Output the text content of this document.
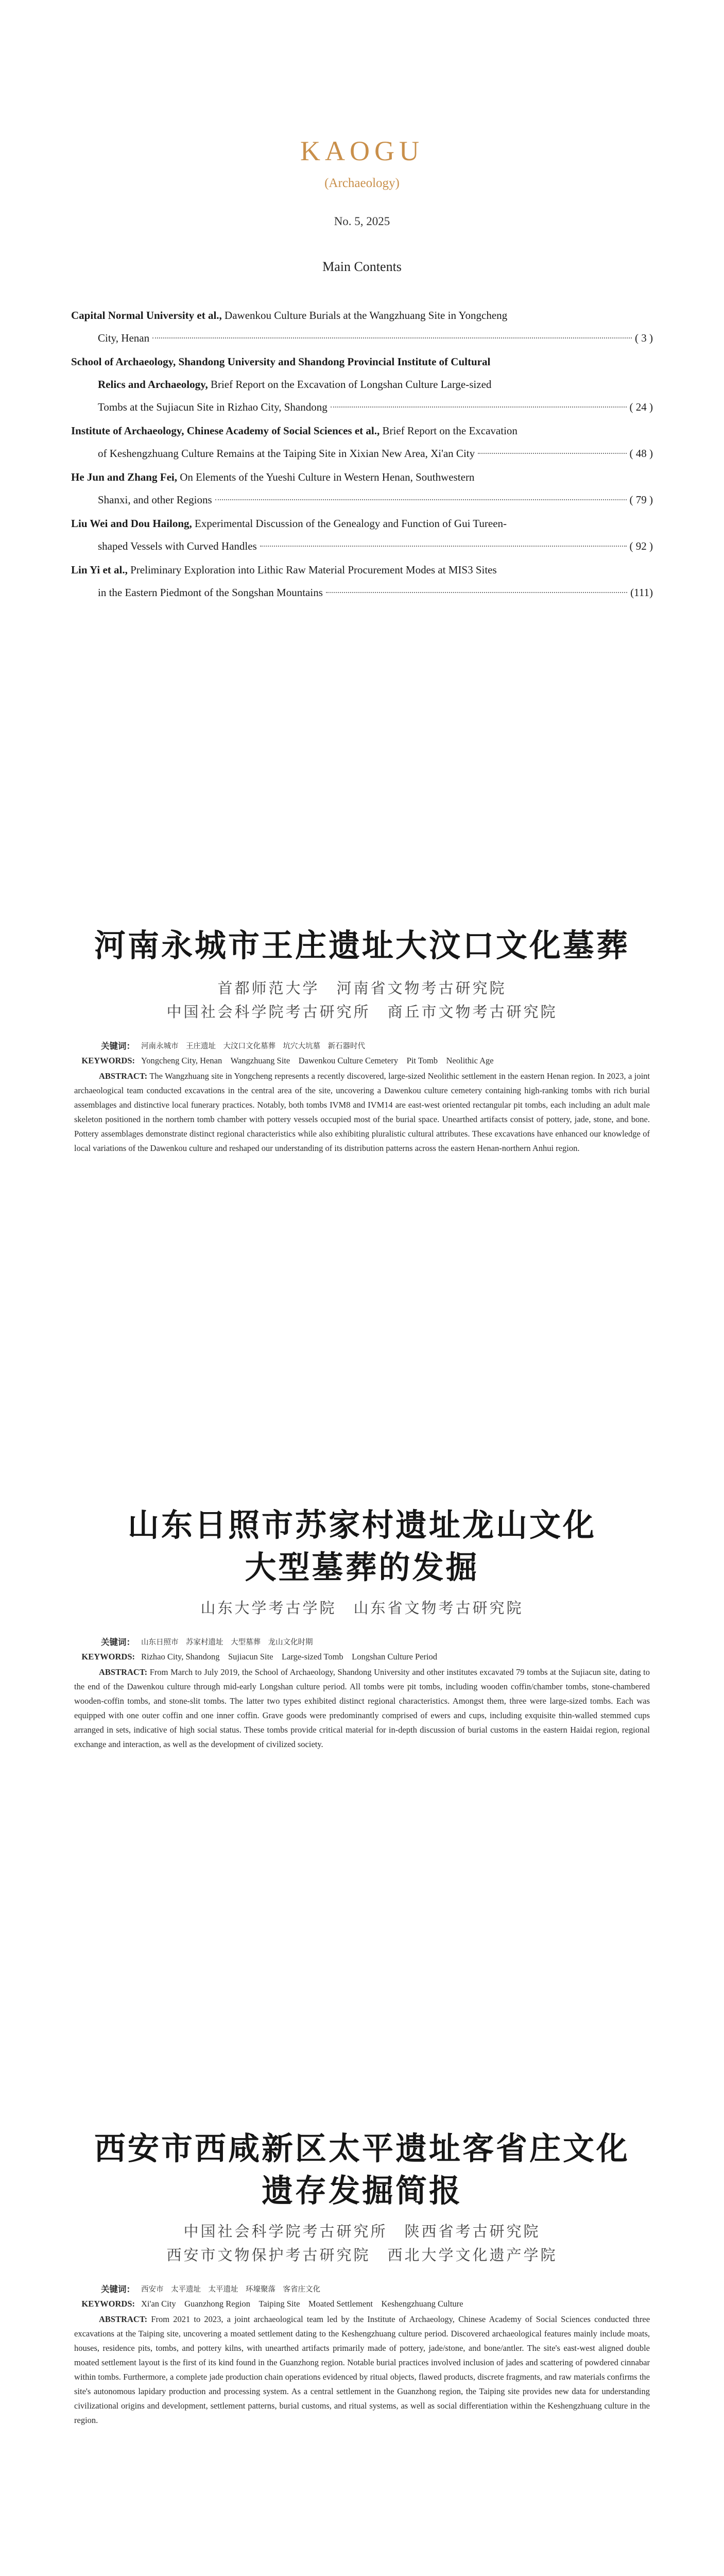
KAOGU
(Archaeology)
No. 5, 2025
Main Contents
Capital Normal University et al., Dawenkou Culture Burials at the Wangzhuang Site in Yongcheng
City, Henan	( 3 )
School of Archaeology, Shandong University and Shandong Provincial Institute of Cultural
Relics and Archaeology, Brief Report on the Excavation of Longshan Culture Large-sized
Tombs at the Sujiacun Site in Rizhao City, Shandong	( 24 )
Institute of Archaeology, Chinese Academy of Social Sciences et al., Brief Report on the Excavation
of Keshengzhuang Culture Remains at the Taiping Site in Xixian New Area, Xi'an City	( 48 )
He Jun and Zhang Fei, On Elements of the Yueshi Culture in Western Henan, Southwestern
Shanxi, and other Regions	( 79 )
Liu Wei and Dou Hailong, Experimental Discussion of the Genealogy and Function of Gui Tureen-
shaped Vessels with Curved Handles	( 92 )
Lin Yi et al., Preliminary Exploration into Lithic Raw Material Procurement Modes at MIS3 Sites
in the Eastern Piedmont of the Songshan Mountains	(111)
河南永城市王庄遗址大汶口文化墓葬
首都师范大学　河南省文物考古研究院
中国社会科学院考古研究所　商丘市文物考古研究院
关键词： 河南永城市　王庄遗址　大汶口文化墓葬　坑穴大坑墓　新石器时代
KEYWORDS: Yongcheng City, Henan　Wangzhuang Site　Dawenkou Culture Cemetery　Pit Tomb　Neolithic Age

ABSTRACT: The Wangzhuang site in Yongcheng represents a recently discovered, large-sized Neolithic settlement in the eastern Henan region. In 2023, a joint archaeological team conducted excavations in the central area of the site, uncovering a Dawenkou culture cemetery containing high-ranking tombs with rich burial assemblages and distinctive local funerary practices. Notably, both tombs IVM8 and IVM14 are east-west oriented rectangular pit tombs, each including an adult male skeleton positioned in the northern tomb chamber with pottery vessels occupied most of the burial space. Unearthed artifacts consist of pottery, jade, stone, and bone. Pottery assemblages demonstrate distinct regional characteristics while also exhibiting pluralistic cultural attributes. These excavations have enhanced our knowledge of local variations of the Dawenkou culture and reshaped our understanding of its distribution patterns across the eastern Henan-northern Anhui region.

山东日照市苏家村遗址龙山文化
大型墓葬的发掘
山东大学考古学院　山东省文物考古研究院
关键词： 山东日照市　苏家村遗址　大型墓葬　龙山文化时期
KEYWORDS: Rizhao City, Shandong　Sujiacun Site　Large-sized Tomb　Longshan Culture Period

ABSTRACT: From March to July 2019, the School of Archaeology, Shandong University and other institutes excavated 79 tombs at the Sujiacun site, dating to the end of the Dawenkou culture through mid-early Longshan culture period. All tombs were pit tombs, including wooden coffin/chamber tombs, stone-chambered wooden-coffin tombs, and stone-slit tombs. The latter two types exhibited distinct regional characteristics. Amongst them, three were large-sized tombs. Each was equipped with one outer coffin and one inner coffin. Grave goods were predominantly comprised of ewers and cups, including exquisite thin-walled stemmed cups arranged in sets, indicative of high social status. These tombs provide critical material for in-depth discussion of burial customs in the eastern Haidai region, regional exchange and interaction, as well as the development of civilized society.

西安市西咸新区太平遗址客省庄文化
遗存发掘简报
中国社会科学院考古研究所　陕西省考古研究院
西安市文物保护考古研究院　西北大学文化遗产学院
关键词： 西安市　太平遗址　太平遗址　环壕聚落　客省庄文化
KEYWORDS: Xi'an City　Guanzhong Region　Taiping Site　Moated Settlement　Keshengzhuang Culture

ABSTRACT: From 2021 to 2023, a joint archaeological team led by the Institute of Archaeology, Chinese Academy of Social Sciences conducted three excavations at the Taiping site, uncovering a moated settlement dating to the Keshengzhuang culture period. Discovered archaeological features mainly include moats, houses, residence pits, tombs, and pottery kilns, with unearthed artifacts primarily made of pottery, jade/stone, and bone/antler. The site's east-west aligned double moated settlement layout is the first of its kind found in the Guanzhong region. Notable burial practices involved inclusion of jades and scattering of powdered cinnabar within tombs. Furthermore, a complete jade production chain operations evidenced by ritual objects, flawed products, discrete fragments, and raw materials confirms the site's autonomous lapidary production and processing system. As a central settlement in the Guanzhong region, the Taiping site provides new data for understanding civilizational origins and development, settlement patterns, burial customs, and ritual systems, as well as social differentiation within the Keshengzhuang culture in the region.
